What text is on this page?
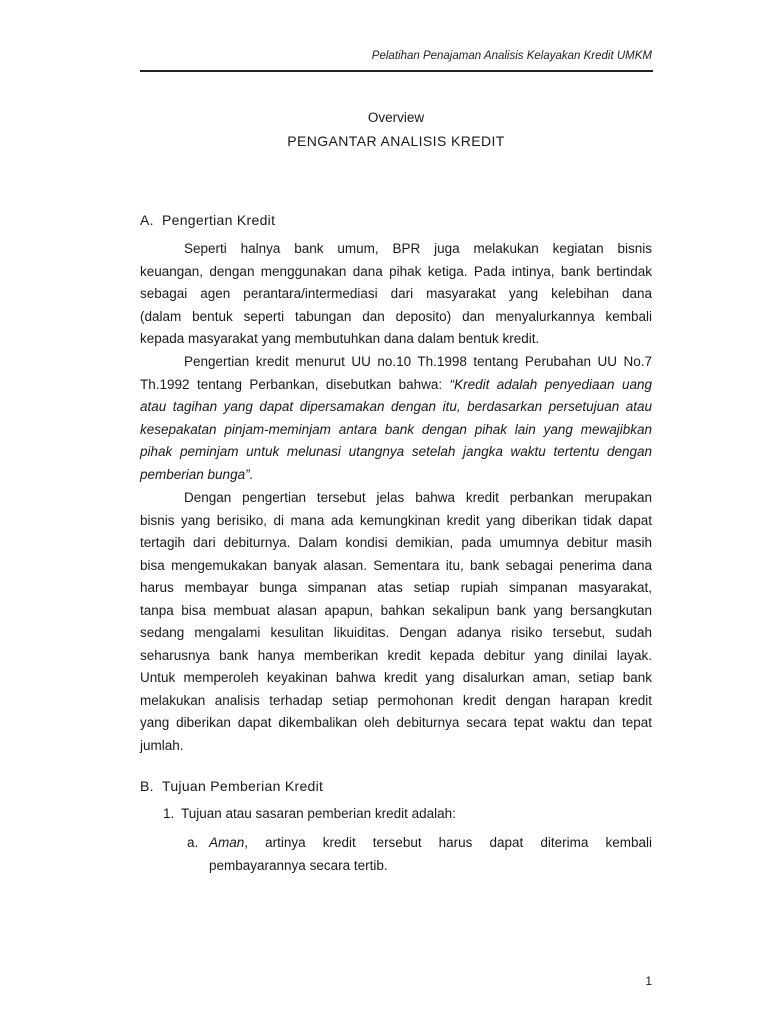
Pelatihan Penajaman Analisis Kelayakan Kredit UMKM
Overview
PENGANTAR ANALISIS KREDIT
A. Pengertian Kredit
Seperti halnya bank umum, BPR juga melakukan kegiatan bisnis
keuangan, dengan menggunakan dana pihak ketiga. Pada intinya, bank bertindak
sebagai agen perantara/intermediasi dari masyarakat yang kelebihan dana
(dalam bentuk seperti tabungan dan deposito) dan menyalurkannya kembali
kepada masyarakat yang membutuhkan dana dalam bentuk kredit.
Pengertian kredit menurut UU no.10 Th.1998 tentang Perubahan UU No.7
Th.1992 tentang Perbankan, disebutkan bahwa: “Kredit adalah penyediaan uang
atau tagihan yang dapat dipersamakan dengan itu, berdasarkan persetujuan atau
kesepakatan pinjam-meminjam antara bank dengan pihak lain yang mewajibkan
pihak peminjam untuk melunasi utangnya setelah jangka waktu tertentu dengan
pemberian bunga”.
Dengan pengertian tersebut jelas bahwa kredit perbankan merupakan
bisnis yang berisiko, di mana ada kemungkinan kredit yang diberikan tidak dapat
tertagih dari debiturnya. Dalam kondisi demikian, pada umumnya debitur masih
bisa mengemukakan banyak alasan. Sementara itu, bank sebagai penerima dana
harus membayar bunga simpanan atas setiap rupiah simpanan masyarakat,
tanpa bisa membuat alasan apapun, bahkan sekalipun bank yang bersangkutan
sedang mengalami kesulitan likuiditas. Dengan adanya risiko tersebut, sudah
seharusnya bank hanya memberikan kredit kepada debitur yang dinilai layak.
Untuk memperoleh keyakinan bahwa kredit yang disalurkan aman, setiap bank
melakukan analisis terhadap setiap permohonan kredit dengan harapan kredit
yang diberikan dapat dikembalikan oleh debiturnya secara tepat waktu dan tepat
jumlah.
B. Tujuan Pemberian Kredit
1. Tujuan atau sasaran pemberian kredit adalah:
a. Aman, artinya kredit tersebut harus dapat diterima kembali
pembayarannya secara tertib.
1
